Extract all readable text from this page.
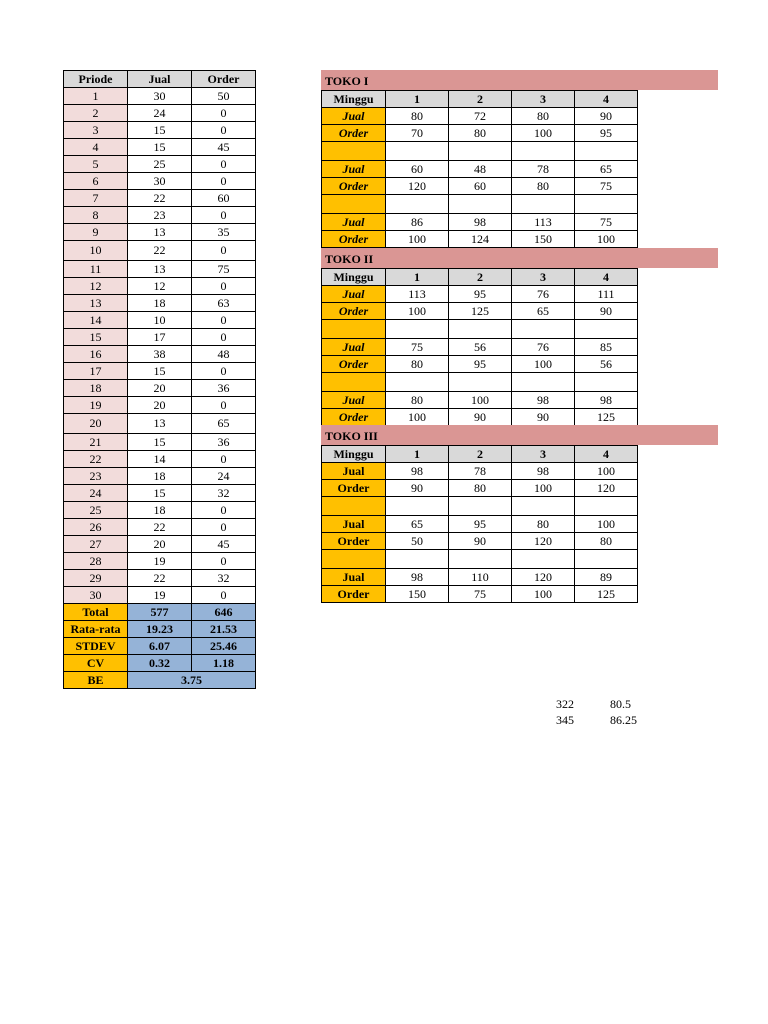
Priode	Jual	Order
1	30	50
2	24	0
3	15	0
4	15	45
5	25	0
6	30	0
7	22	60
8	23	0
9	13	35
10	22	0
11	13	75
12	12	0
13	18	63
14	10	0
15	17	0
16	38	48
17	15	0
18	20	36
19	20	0
20	13	65
21	15	36
22	14	0
23	18	24
24	15	32
25	18	0
26	22	0
27	20	45
28	19	0
29	22	32
30	19	0
Total	577	646
Rata-rata	19.23	21.53
STDEV	6.07	25.46
CV	0.32	1.18
BE	3.75	
TOKO I
Minggu	1	2	3	4
Jual	80	72	80	90
Order	70	80	100	95

Jual	60	48	78	65
Order	120	60	80	75

Jual	86	98	113	75
Order	100	124	150	100
TOKO II
Minggu	1	2	3	4
Jual	113	95	76	111
Order	100	125	65	90

Jual	75	56	76	85
Order	80	95	100	56

Jual	80	100	98	98
Order	100	90	90	125
TOKO III
Minggu	1	2	3	4
Jual	98	78	98	100
Order	90	80	100	120

Jual	65	95	80	100
Order	50	90	120	80

Jual	98	110	120	89
Order	150	75	100	125
322	80.5
345	86.25
